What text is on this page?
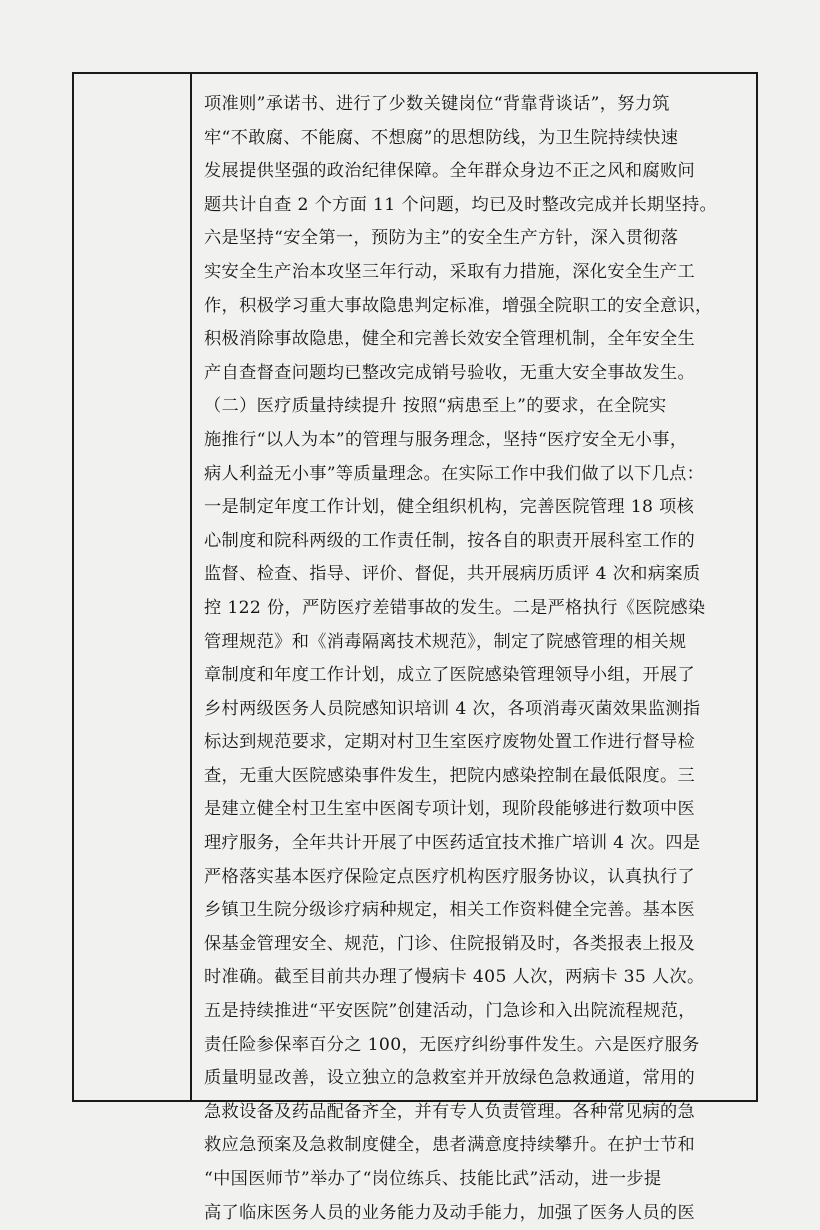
项准则”承诺书、进行了少数关键岗位“背靠背谈话”，努力筑
牢“不敢腐、不能腐、不想腐”的思想防线，为卫生院持续快速
发展提供坚强的政治纪律保障。全年群众身边不正之风和腐败问
题共计自查 2 个方面 11 个问题，均已及时整改完成并长期坚持。
六是坚持“安全第一，预防为主”的安全生产方针，深入贯彻落
实安全生产治本攻坚三年行动，采取有力措施，深化安全生产工
作，积极学习重大事故隐患判定标准，增强全院职工的安全意识，
积极消除事故隐患，健全和完善长效安全管理机制，全年安全生
产自查督查问题均已整改完成销号验收，无重大安全事故发生。
（二）医疗质量持续提升 按照“病患至上”的要求，在全院实
施推行“以人为本”的管理与服务理念，坚持“医疗安全无小事，
病人利益无小事”等质量理念。在实际工作中我们做了以下几点：
一是制定年度工作计划，健全组织机构，完善医院管理 18 项核
心制度和院科两级的工作责任制，按各自的职责开展科室工作的
监督、检查、指导、评价、督促，共开展病历质评 4 次和病案质
控 122 份，严防医疗差错事故的发生。二是严格执行《医院感染
管理规范》和《消毒隔离技术规范》，制定了院感管理的相关规
章制度和年度工作计划，成立了医院感染管理领导小组，开展了
乡村两级医务人员院感知识培训 4 次，各项消毒灭菌效果监测指
标达到规范要求，定期对村卫生室医疗废物处置工作进行督导检
查，无重大医院感染事件发生，把院内感染控制在最低限度。三
是建立健全村卫生室中医阁专项计划，现阶段能够进行数项中医
理疗服务，全年共计开展了中医药适宜技术推广培训 4 次。四是
严格落实基本医疗保险定点医疗机构医疗服务协议，认真执行了
乡镇卫生院分级诊疗病种规定，相关工作资料健全完善。基本医
保基金管理安全、规范，门诊、住院报销及时，各类报表上报及
时准确。截至目前共办理了慢病卡 405 人次，两病卡 35 人次。
五是持续推进“平安医院”创建活动，门急诊和入出院流程规范，
责任险参保率百分之 100，无医疗纠纷事件发生。六是医疗服务
质量明显改善，设立独立的急救室并开放绿色急救通道，常用的
急救设备及药品配备齐全，并有专人负责管理。各种常见病的急
救应急预案及急救制度健全，患者满意度持续攀升。在护士节和
“中国医师节”举办了“岗位练兵、技能比武”活动，进一步提
高了临床医务人员的业务能力及动手能力，加强了医务人员的医
